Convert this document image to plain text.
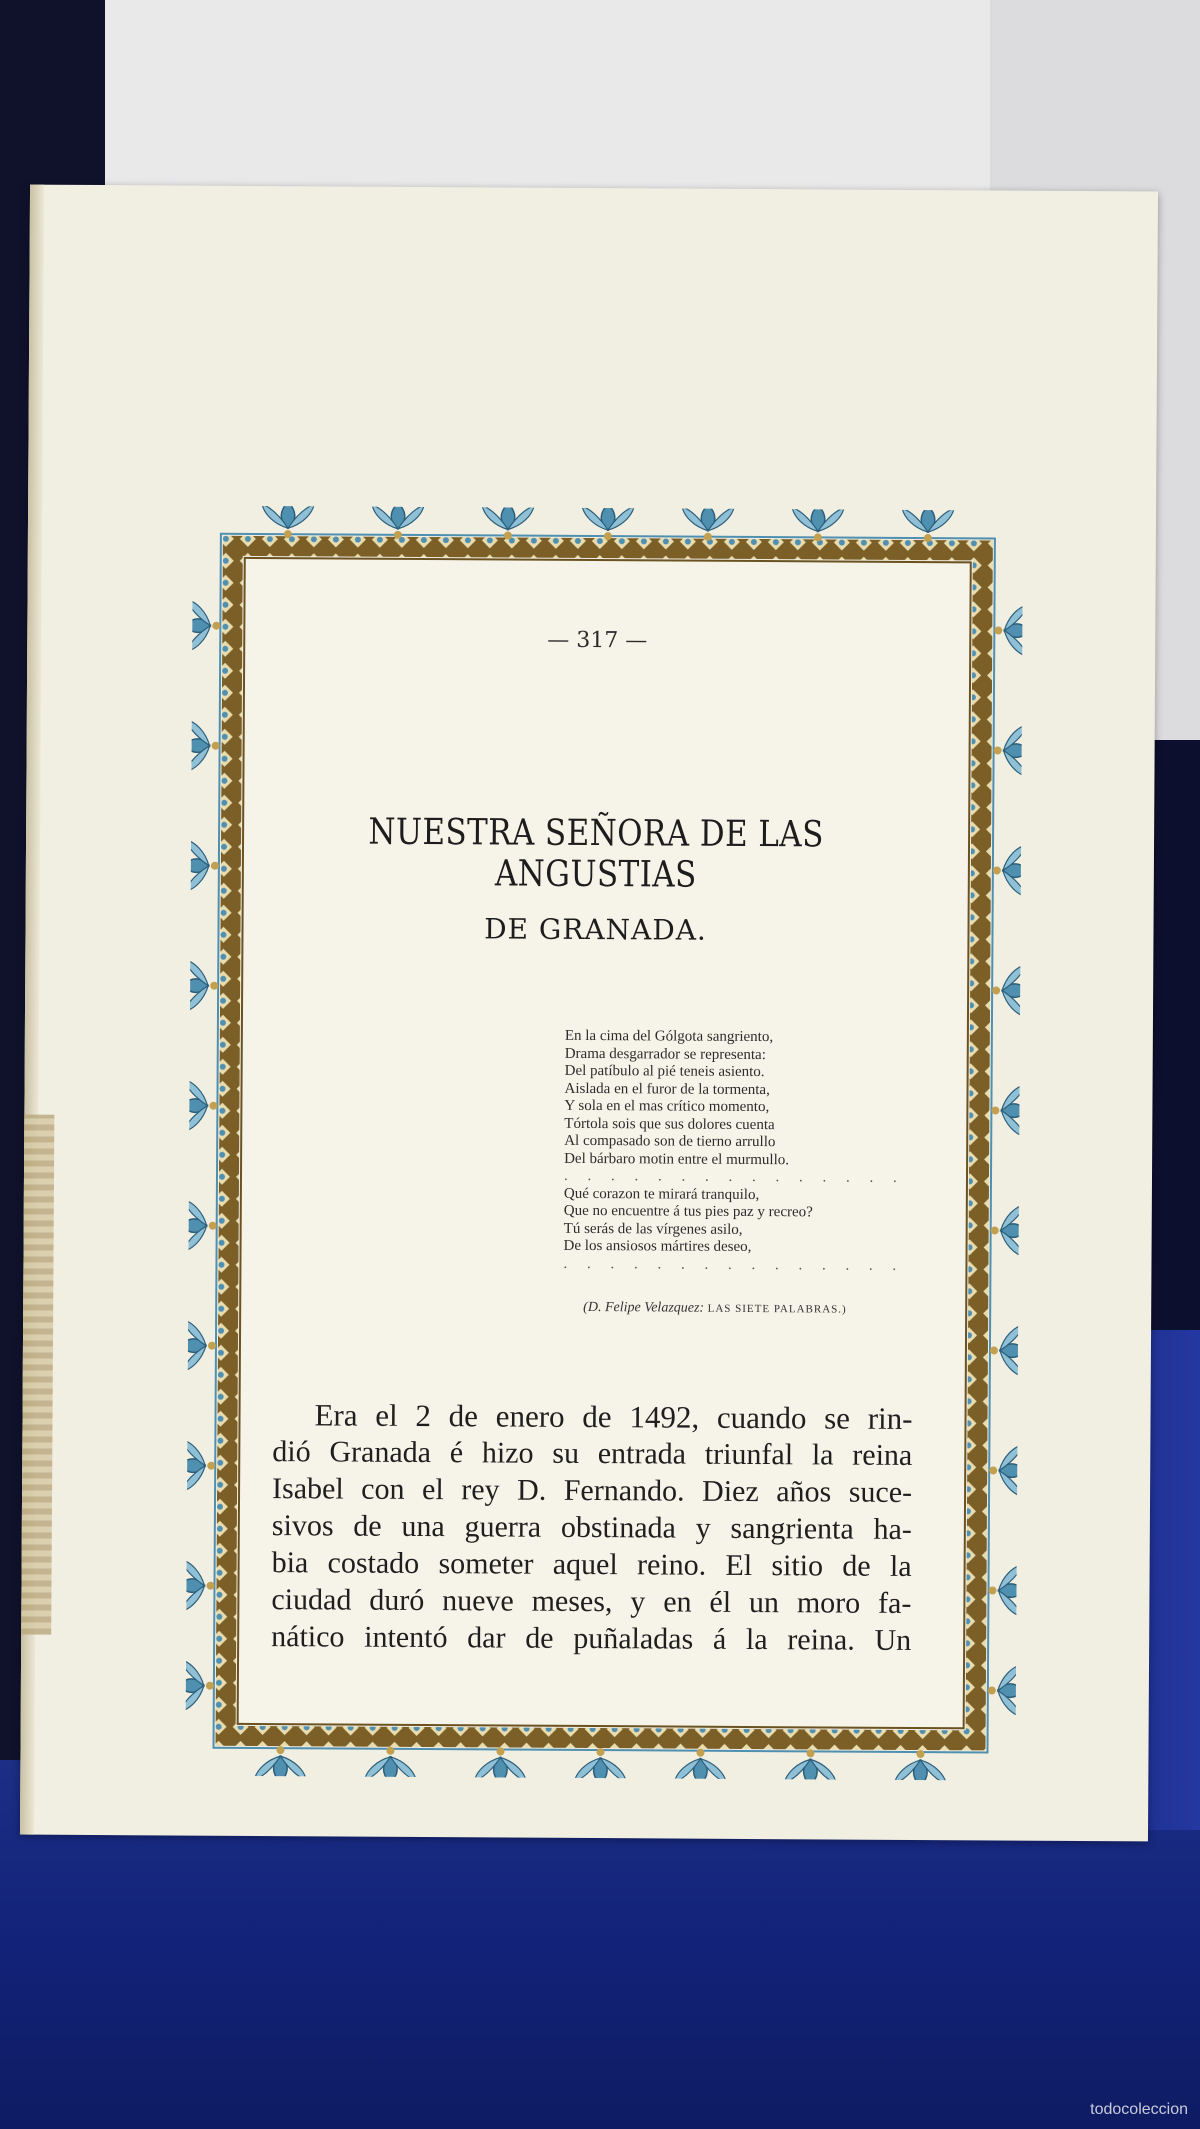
— 317 —
NUESTRA SEÑORA DE LAS ANGUSTIAS
DE GRANADA.
En la cima del Gólgota sangriento,
Drama desgarrador se representa:
Del patíbulo al pié teneis asiento.
Aislada en el furor de la tormenta,
Y sola en el mas crítico momento,
Tórtola sois que sus dolores cuenta
Al compasado son de tierno arrullo
Del bárbaro motin entre el murmullo.
. . . . . . . . . . . . . . .
Qué corazon te mirará tranquilo,
Que no encuentre á tus pies paz y recreo?
Tú serás de las vírgenes asilo,
De los ansiosos mártires deseo,
. . . . . . . . . . . . . . .
(D. Felipe Velazquez: LAS SIETE PALABRAS.)
Era el 2 de enero de 1492, cuando se rin-
dió Granada é hizo su entrada triunfal la reina
Isabel con el rey D. Fernando. Diez años suce-
sivos de una guerra obstinada y sangrienta ha-
bia costado someter aquel reino. El sitio de la
ciudad duró nueve meses, y en él un moro fa-
nático intentó dar de puñaladas á la reina. Un
todocoleccion
